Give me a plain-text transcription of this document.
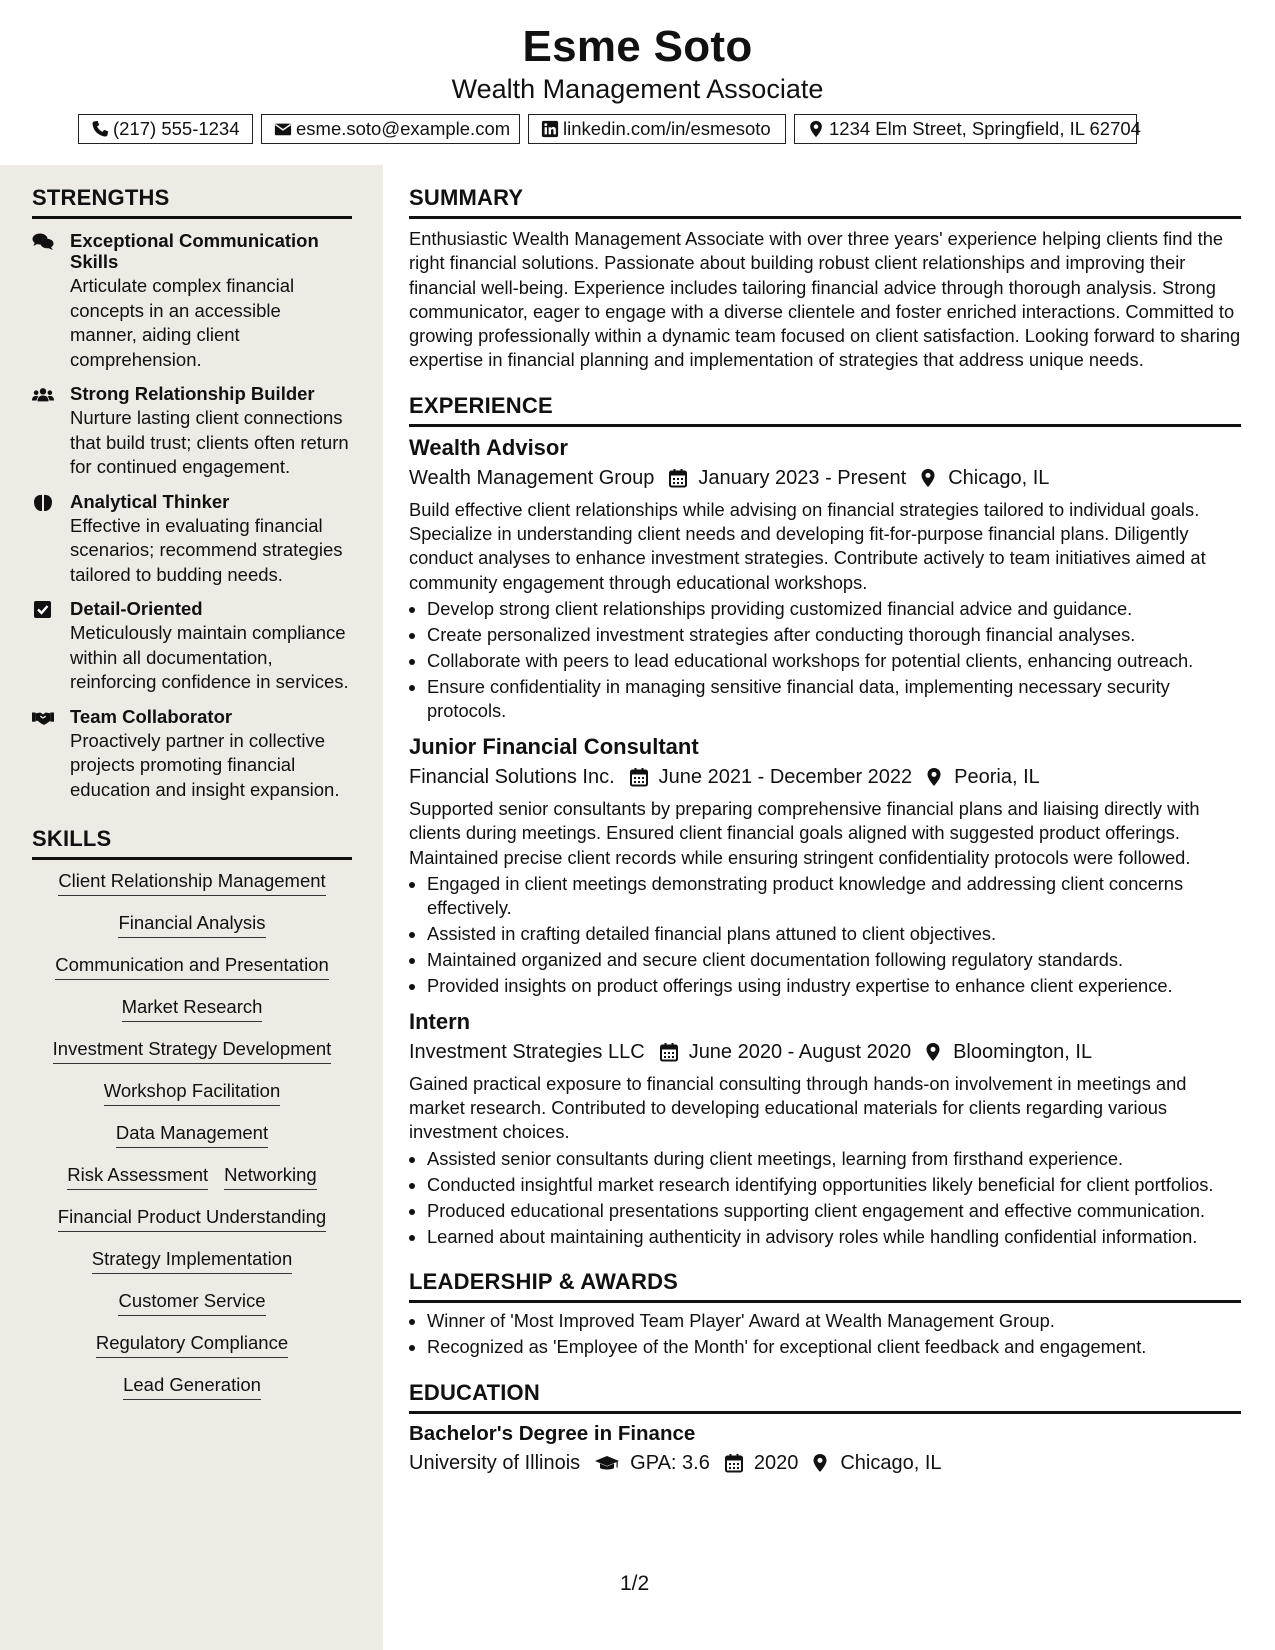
Esme Soto
Wealth Management Associate
(217) 555-1234	esme.soto@example.com	linkedin.com/in/esmesoto	1234 Elm Street, Springfield, IL 62704
STRENGTHS
Exceptional Communication Skills
Articulate complex financial concepts in an accessible manner, aiding client comprehension.
Strong Relationship Builder
Nurture lasting client connections that build trust; clients often return for continued engagement.
Analytical Thinker
Effective in evaluating financial scenarios; recommend strategies tailored to budding needs.
Detail-Oriented
Meticulously maintain compliance within all documentation, reinforcing confidence in services.
Team Collaborator
Proactively partner in collective projects promoting financial education and insight expansion.
SKILLS
Client Relationship Management
Financial Analysis
Communication and Presentation
Market Research
Investment Strategy Development
Workshop Facilitation
Data Management
Risk Assessment Networking
Financial Product Understanding
Strategy Implementation
Customer Service
Regulatory Compliance
Lead Generation
SUMMARY
Enthusiastic Wealth Management Associate with over three years' experience helping clients find the right financial solutions. Passionate about building robust client relationships and improving their financial well-being. Experience includes tailoring financial advice through thorough analysis. Strong communicator, eager to engage with a diverse clientele and foster enriched interactions. Committed to growing professionally within a dynamic team focused on client satisfaction. Looking forward to sharing expertise in financial planning and implementation of strategies that address unique needs.
EXPERIENCE
Wealth Advisor
Wealth Management Group January 2023 - Present Chicago, IL
Build effective client relationships while advising on financial strategies tailored to individual goals. Specialize in understanding client needs and developing fit-for-purpose financial plans. Diligently conduct analyses to enhance investment strategies. Contribute actively to team initiatives aimed at community engagement through educational workshops.
• Develop strong client relationships providing customized financial advice and guidance.
• Create personalized investment strategies after conducting thorough financial analyses.
• Collaborate with peers to lead educational workshops for potential clients, enhancing outreach.
• Ensure confidentiality in managing sensitive financial data, implementing necessary security protocols.
Junior Financial Consultant
Financial Solutions Inc. June 2021 - December 2022 Peoria, IL
Supported senior consultants by preparing comprehensive financial plans and liaising directly with clients during meetings. Ensured client financial goals aligned with suggested product offerings. Maintained precise client records while ensuring stringent confidentiality protocols were followed.
• Engaged in client meetings demonstrating product knowledge and addressing client concerns effectively.
• Assisted in crafting detailed financial plans attuned to client objectives.
• Maintained organized and secure client documentation following regulatory standards.
• Provided insights on product offerings using industry expertise to enhance client experience.
Intern
Investment Strategies LLC June 2020 - August 2020 Bloomington, IL
Gained practical exposure to financial consulting through hands-on involvement in meetings and market research. Contributed to developing educational materials for clients regarding various investment choices.
• Assisted senior consultants during client meetings, learning from firsthand experience.
• Conducted insightful market research identifying opportunities likely beneficial for client portfolios.
• Produced educational presentations supporting client engagement and effective communication.
• Learned about maintaining authenticity in advisory roles while handling confidential information.
LEADERSHIP & AWARDS
• Winner of 'Most Improved Team Player' Award at Wealth Management Group.
• Recognized as 'Employee of the Month' for exceptional client feedback and engagement.
EDUCATION
Bachelor's Degree in Finance
University of Illinois	GPA: 3.6 2020 Chicago, IL
1/2
